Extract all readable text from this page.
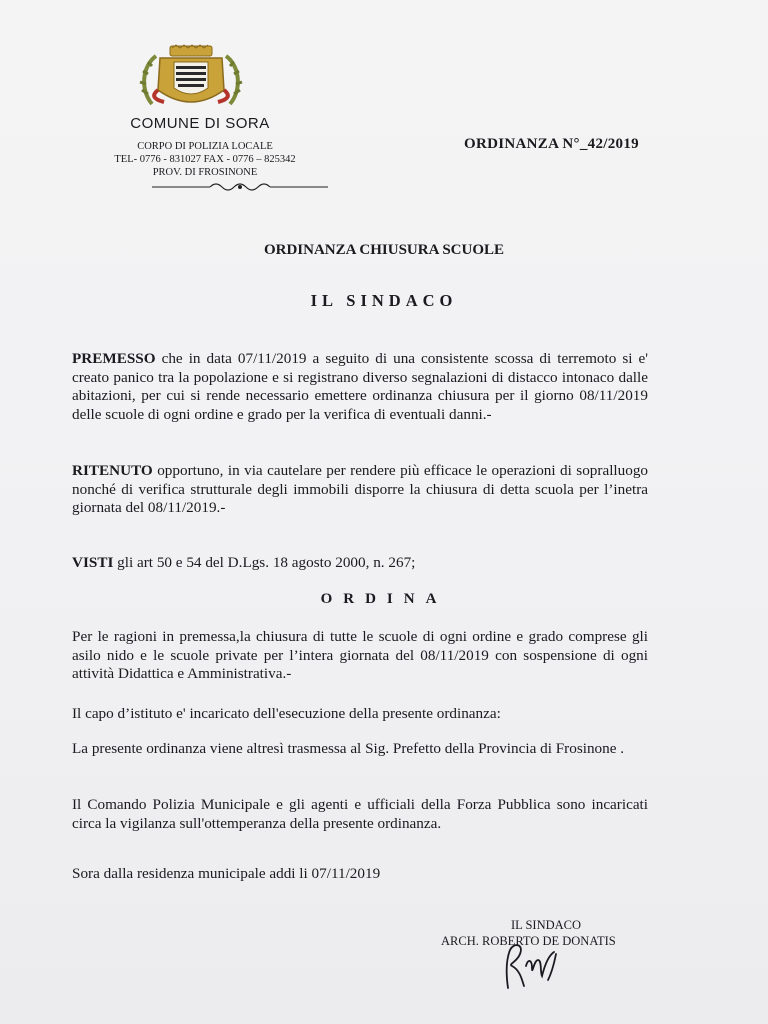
COMUNE DI SORA
CORPO DI POLIZIA LOCALE
TEL- 0776 - 831027 FAX - 0776 – 825342
PROV. DI FROSINONE
ORDINANZA N°_42/2019
ORDINANZA CHIUSURA SCUOLE
IL SINDACO
PREMESSO che in data 07/11/2019 a seguito di una consistente scossa di terremoto si e' creato panico tra la popolazione e si registrano diverso segnalazioni di distacco intonaco dalle abitazioni, per cui si rende necessario emettere ordinanza chiusura per il giorno 08/11/2019 delle scuole di ogni ordine e grado per la verifica di eventuali danni.-
RITENUTO opportuno, in via cautelare per rendere più efficace le operazioni di sopralluogo nonché di verifica strutturale degli immobili disporre la chiusura di detta scuola per l’inetra giornata del 08/11/2019.-
VISTI gli art 50 e 54 del D.Lgs. 18 agosto 2000, n. 267;
ORDINA
Per le ragioni in premessa,la chiusura di tutte le scuole di ogni ordine e grado comprese gli asilo nido e le scuole private per l’intera giornata del 08/11/2019 con sospensione di ogni attività Didattica e Amministrativa.-
Il capo d’istituto e' incaricato dell'esecuzione della presente ordinanza:
La presente ordinanza viene altresì trasmessa al Sig. Prefetto della Provincia di Frosinone .
Il Comando Polizia Municipale e gli agenti e ufficiali della Forza Pubblica sono incaricati circa la vigilanza sull'ottemperanza della presente ordinanza.
Sora dalla residenza municipale addi li 07/11/2019
IL SINDACO
ARCH. ROBERTO DE DONATIS
